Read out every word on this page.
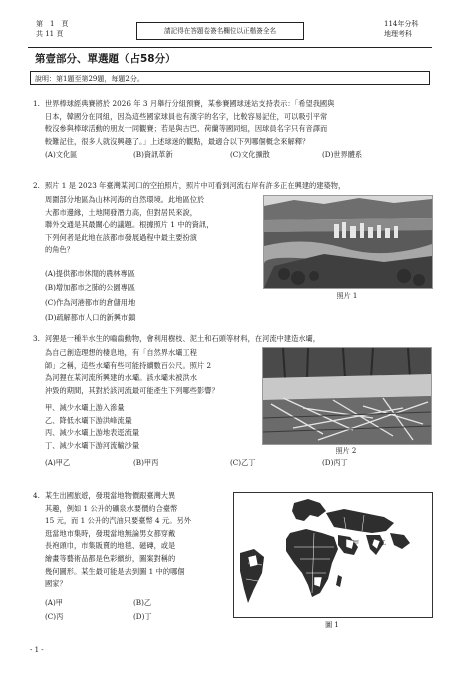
第　1　頁
共 11 頁	請記得在答題卷簽名欄位以正楷簽全名
114年分科
地理考科
第壹部分、單選題（占58分）
說明：第1題至第29題，每題2分。
1. 世界棒球經典賽將於 2026 年 3 月舉行分組預賽，某參賽國球迷站支持表示：「希望我國與
日本，韓國分在同組，因為這些國家球員也有漢字的名字，比較容易記住，可以吸引平常
較沒參與棒球活動的朋友一同觀賽；若是與古巴、荷蘭等國同組，因球員名字只有音譯而
較難記住，很多人就沒興趣了。」上述球迷的觀點，最適合以下列哪個概念來解釋？
(A)文化區	(B)資訊革新	(C)文化擴散	(D)世界體系
2. 照片 1 是 2023 年臺灣某河口的空拍照片，照片中可看到河流右岸有許多正在興建的建築物，
周圍部分地區為山林河海的自然環境。此地區位於
大都市邊緣，土地開發潛力高，但對居民來說，
聯外交通是其最關心的議題。根據照片 1 中的資訊，
下列何者是此地在該都市發展過程中最主要扮演
的角色？
(A)提供都市休閒的農林專區
(B)增加都市之肺的公園專區
(C)作為河港都市的倉儲用地
(D)疏解都市人口的新興市鎮
照片 1
3. 河狸是一種半水生的嚙齒動物，會利用樹枝、泥土和石頭等材料，在河流中建造水壩，
為自己創造理想的棲息地，有「自然界水壩工程
師」之稱，這些水壩有些可能持續數百公尺。照片 2
為河狸在某河流所興建的水壩。該水壩未被洪水
沖毀的期間，其對於該河流最可能產生下列哪些影響？
甲、減少水壩上游入滲量
乙、降低水壩下游洪峰流量
丙、減少水壩上游地表逕流量
丁、減少水壩下游河流輸沙量
(A)甲乙	(B)甲丙	(C)乙丁	(D)丙丁
照片 2
4. 某生出國旅遊，發現當地物價跟臺灣大異
其趣，例如 1 公升的礦泉水要價約合臺幣
15 元，而 1 公升的汽油只要臺幣 4 元。另外
逛當地市集時，發現當地無論男女都穿戴
長袍頭巾，市集販賣的地毯、磁磚，或是
繪畫等藝術品都是色彩繽紛，圖案對稱的
幾何圖形。某生最可能是去到圖 1 中的哪個
國家？
(A)甲	(B)乙
(C)丙	(D)丁
甲	乙
丙
丁
圖 1
- 1 -
